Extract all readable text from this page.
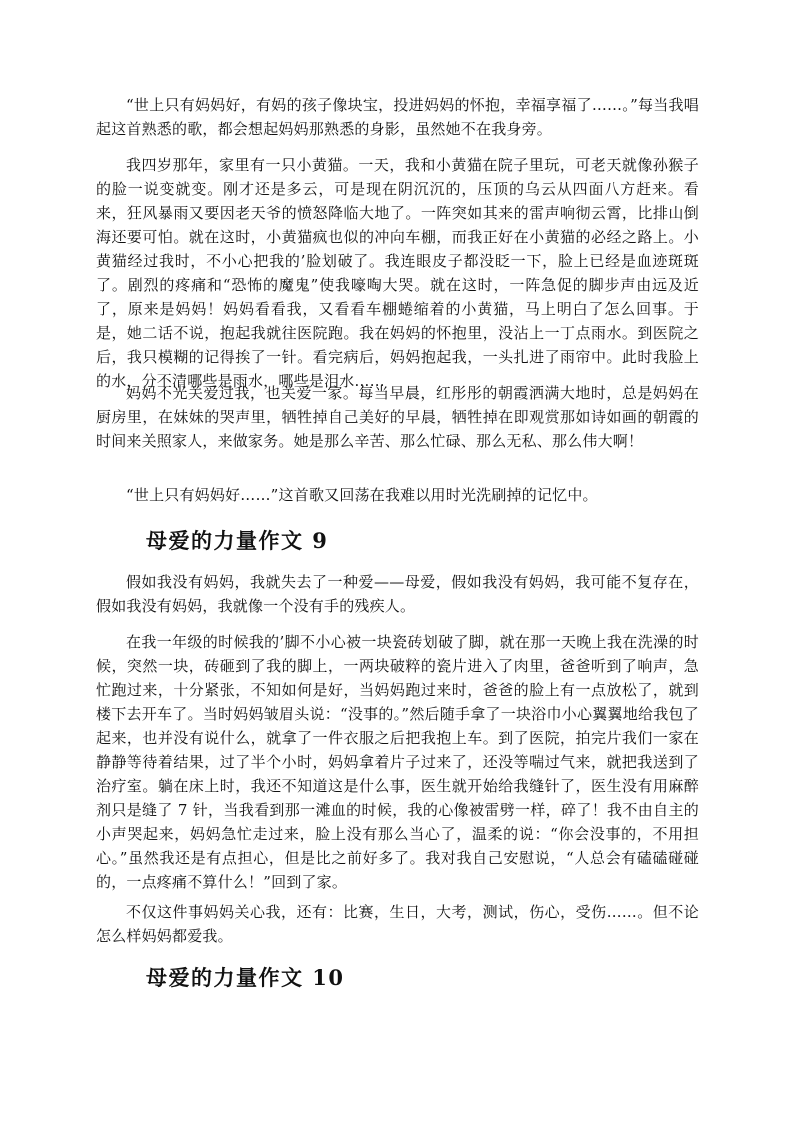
“世上只有妈妈好，有妈的孩子像块宝，投进妈妈的怀抱，幸福享福了……。”每当我唱起这首熟悉的歌，都会想起妈妈那熟悉的身影，虽然她不在我身旁。

我四岁那年，家里有一只小黄猫。一天，我和小黄猫在院子里玩，可老天就像孙猴子的脸一说变就变。刚才还是多云，可是现在阴沉沉的，压顶的乌云从四面八方赶来。看来，狂风暴雨又要因老天爷的愤怒降临大地了。一阵突如其来的雷声响彻云霄，比排山倒海还要可怕。就在这时，小黄猫疯也似的冲向车棚，而我正好在小黄猫的必经之路上。小黄猫经过我时，不小心把我的’脸划破了。我连眼皮子都没眨一下，脸上已经是血迹斑斑了。剧烈的疼痛和“恐怖的魔鬼”使我嚎啕大哭。就在这时，一阵急促的脚步声由远及近了，原来是妈妈！妈妈看看我，又看看车棚蜷缩着的小黄猫，马上明白了怎么回事。于是，她二话不说，抱起我就往医院跑。我在妈妈的怀抱里，没沾上一丁点雨水。到医院之后，我只模糊的记得挨了一针。看完病后，妈妈抱起我，一头扎进了雨帘中。此时我脸上的水，分不清哪些是雨水，哪些是泪水……

妈妈不光关爱过我，也关爱一家。每当早晨，红彤彤的朝霞洒满大地时，总是妈妈在厨房里，在妹妹的哭声里，牺牲掉自己美好的早晨，牺牲掉在即观赏那如诗如画的朝霞的时间来关照家人，来做家务。她是那么辛苦、那么忙碌、那么无私、那么伟大啊！

“世上只有妈妈好……”这首歌又回荡在我难以用时光洗刷掉的记忆中。

母爱的力量作文 9

假如我没有妈妈，我就失去了一种爱——母爱，假如我没有妈妈，我可能不复存在，假如我没有妈妈，我就像一个没有手的残疾人。

在我一年级的时候我的’脚不小心被一块瓷砖划破了脚，就在那一天晚上我在洗澡的时候，突然一块，砖砸到了我的脚上，一两块破粹的瓷片进入了肉里，爸爸听到了响声，急忙跑过来，十分紧张，不知如何是好，当妈妈跑过来时，爸爸的脸上有一点放松了，就到楼下去开车了。当时妈妈皱眉头说：“没事的。”然后随手拿了一块浴巾小心翼翼地给我包了起来，也并没有说什么，就拿了一件衣服之后把我抱上车。到了医院，拍完片我们一家在静静等待着结果，过了半个小时，妈妈拿着片子过来了，还没等喘过气来，就把我送到了治疗室。躺在床上时，我还不知道这是什么事，医生就开始给我缝针了，医生没有用麻醉剂只是缝了 7 针，当我看到那一滩血的时候，我的心像被雷劈一样，碎了！我不由自主的小声哭起来，妈妈急忙走过来，脸上没有那么当心了，温柔的说：“你会没事的，不用担心。”虽然我还是有点担心，但是比之前好多了。我对我自己安慰说，“人总会有磕磕碰碰的，一点疼痛不算什么！”回到了家。

不仅这件事妈妈关心我，还有：比赛，生日，大考，测试，伤心，受伤……。但不论怎么样妈妈都爱我。

母爱的力量作文 10
